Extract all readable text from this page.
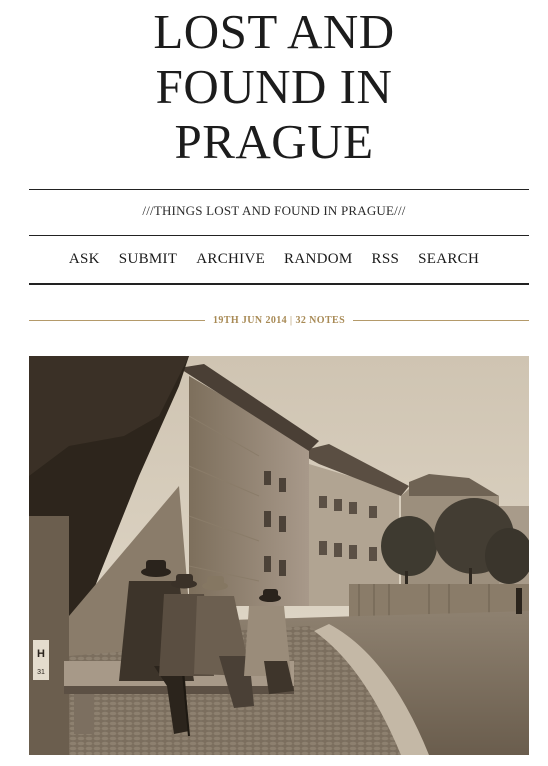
LOST AND
FOUND IN
PRAGUE
///THINGS LOST AND FOUND IN PRAGUE///
ASK SUBMIT ARCHIVE RANDOM RSS SEARCH
19TH JUN 2014 | 32 NOTES
H
31
